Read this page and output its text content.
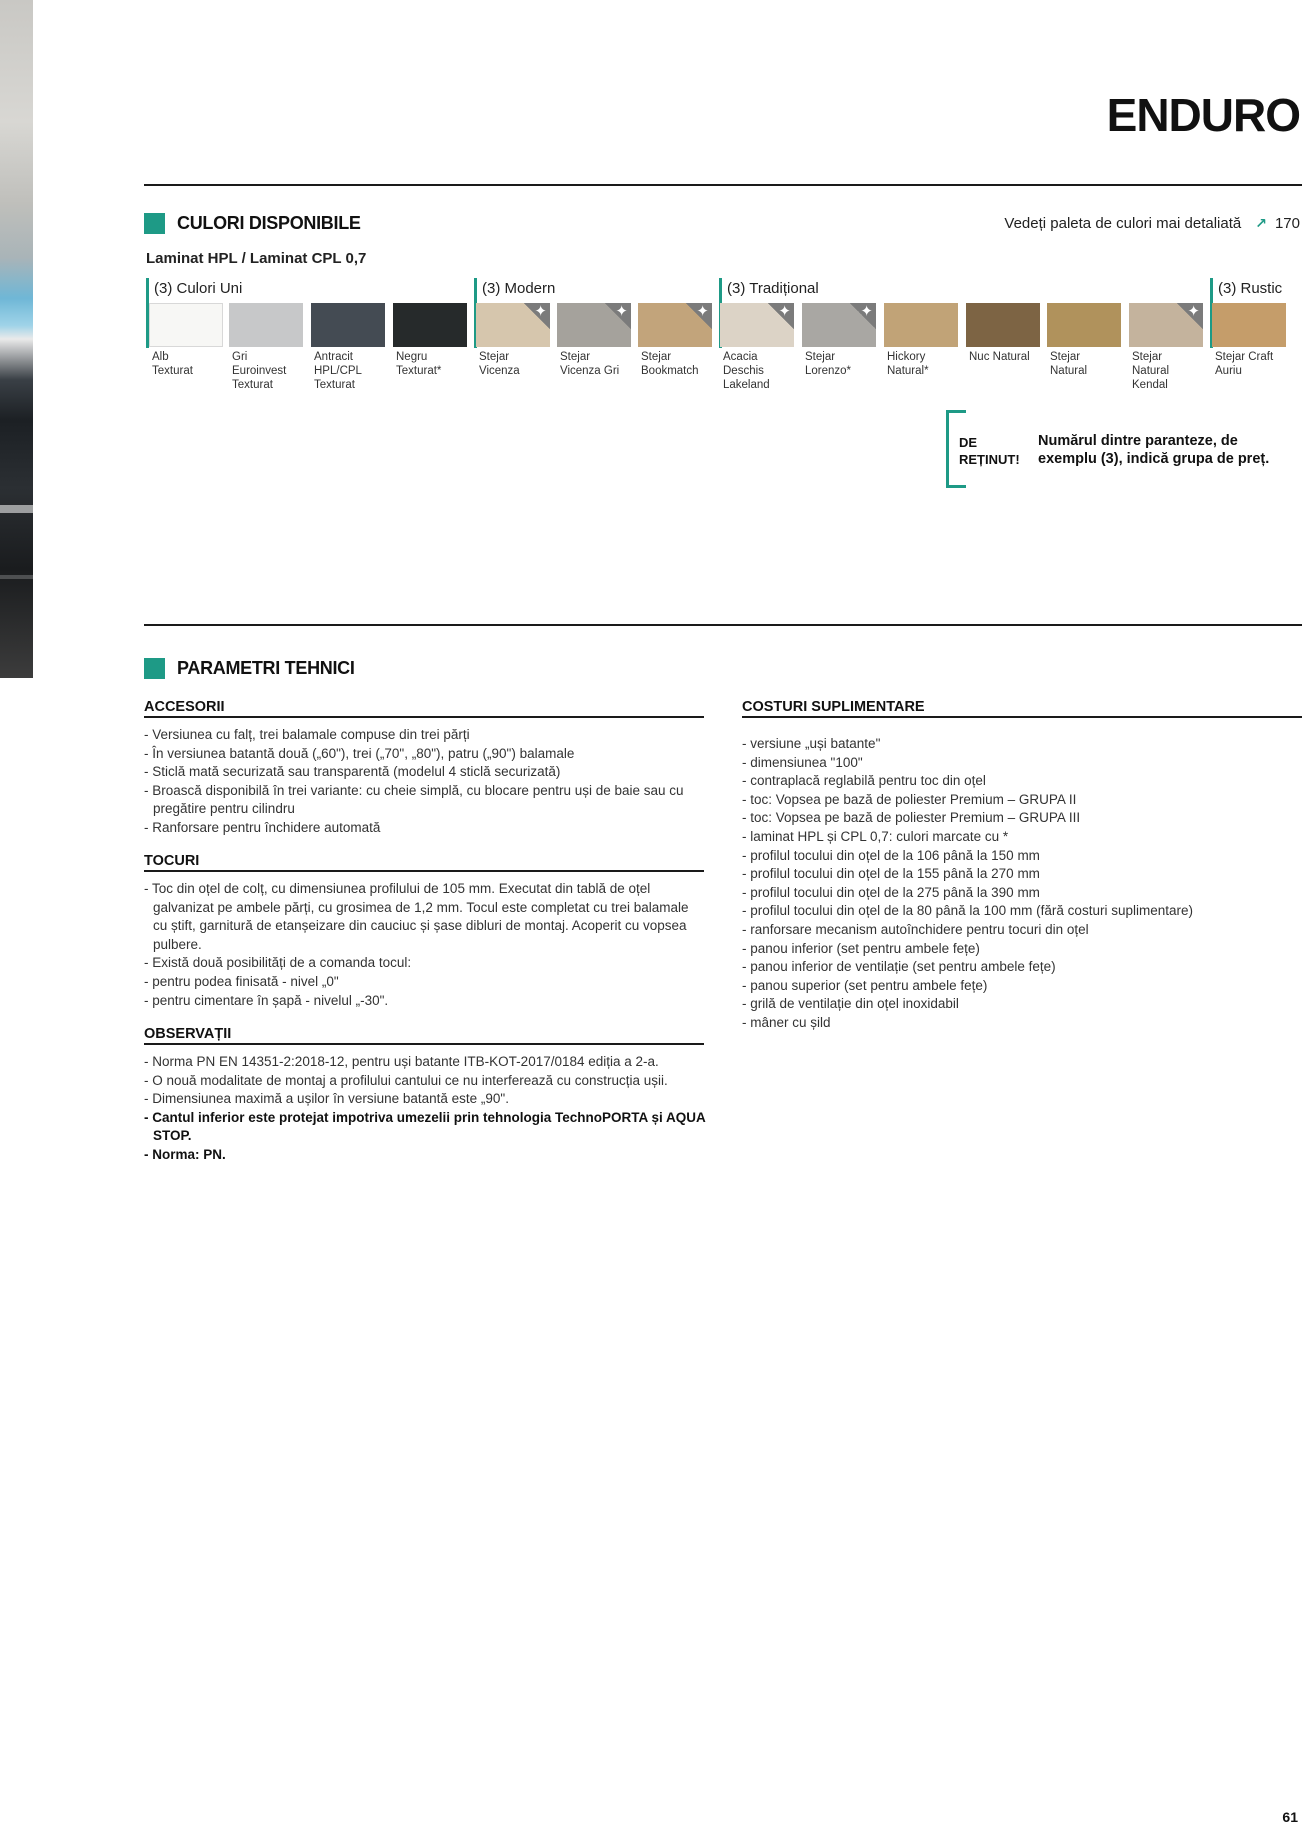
ENDURO
CULORI DISPONIBILE	Vedeți paleta de culori mai detaliată ↗ 170
Laminat HPL / Laminat CPL 0,7
(3) Culori Uni	(3) Modern	(3) Tradițional	(3) Rustic
Alb
Texturat
Gri
Euroinvest
Texturat
Antracit
HPL/CPL
Texturat
Negru
Texturat*
✦
Stejar
Vicenza
✦
Stejar
Vicenza Gri
✦
Stejar
Bookmatch
✦
Acacia
Deschis
Lakeland
✦
Stejar
Lorenzo*
Hickory
Natural*
Nuc Natural	Stejar
Natural
✦
Stejar
Natural
Kendal
Stejar Craft
Auriu
DE
REȚINUT!
Numărul dintre paranteze, de exemplu (3), indică grupa de preț.
PARAMETRI TEHNICI
ACCESORII
- Versiunea cu falț, trei balamale compuse din trei părți
- În versiunea batantă două („60"), trei („70", „80"), patru („90") balamale
- Sticlă mată securizată sau transparentă (modelul 4 sticlă securizată)
- Broască disponibilă în trei variante: cu cheie simplă, cu blocare pentru uși de baie sau cu pregătire pentru cilindru
- Ranforsare pentru închidere automată
TOCURI
- Toc din oțel de colț, cu dimensiunea profilului de 105 mm. Executat din tablă de oțel galvanizat pe ambele părți, cu grosimea de 1,2 mm. Tocul este completat cu trei balamale cu știft, garnitură de etanșeizare din cauciuc și șase dibluri de montaj. Acoperit cu vopsea pulbere.
- Există două posibilități de a comanda tocul:
- pentru podea finisată - nivel „0"
- pentru cimentare în șapă - nivelul „-30".
OBSERVAȚII
- Norma PN EN 14351-2:2018-12, pentru uși batante ITB-KOT-2017/0184 ediția a 2-a.
- O nouă modalitate de montaj a profilului cantului ce nu interferează cu construcția ușii.
- Dimensiunea maximă a ușilor în versiune batantă este „90".
- Cantul inferior este protejat impotriva umezelii prin tehnologia TechnoPORTA și AQUA STOP.
- Norma: PN.
COSTURI SUPLIMENTARE
- versiune „uși batante"
- dimensiunea "100"
- contraplacă reglabilă pentru toc din oțel
- toc: Vopsea pe bază de poliester Premium – GRUPA II
- toc: Vopsea pe bază de poliester Premium – GRUPA III
- laminat HPL și CPL 0,7: culori marcate cu *
- profilul tocului din oțel de la 106 până la 150 mm
- profilul tocului din oțel de la 155 până la 270 mm
- profilul tocului din oțel de la 275 până la 390 mm
- profilul tocului din oțel de la 80 până la 100 mm (fără costuri suplimentare)
- ranforsare mecanism autoînchidere pentru tocuri din oțel
- panou inferior (set pentru ambele fețe)
- panou inferior de ventilație (set pentru ambele fețe)
- panou superior (set pentru ambele fețe)
- grilă de ventilație din oțel inoxidabil
- mâner cu șild
61
